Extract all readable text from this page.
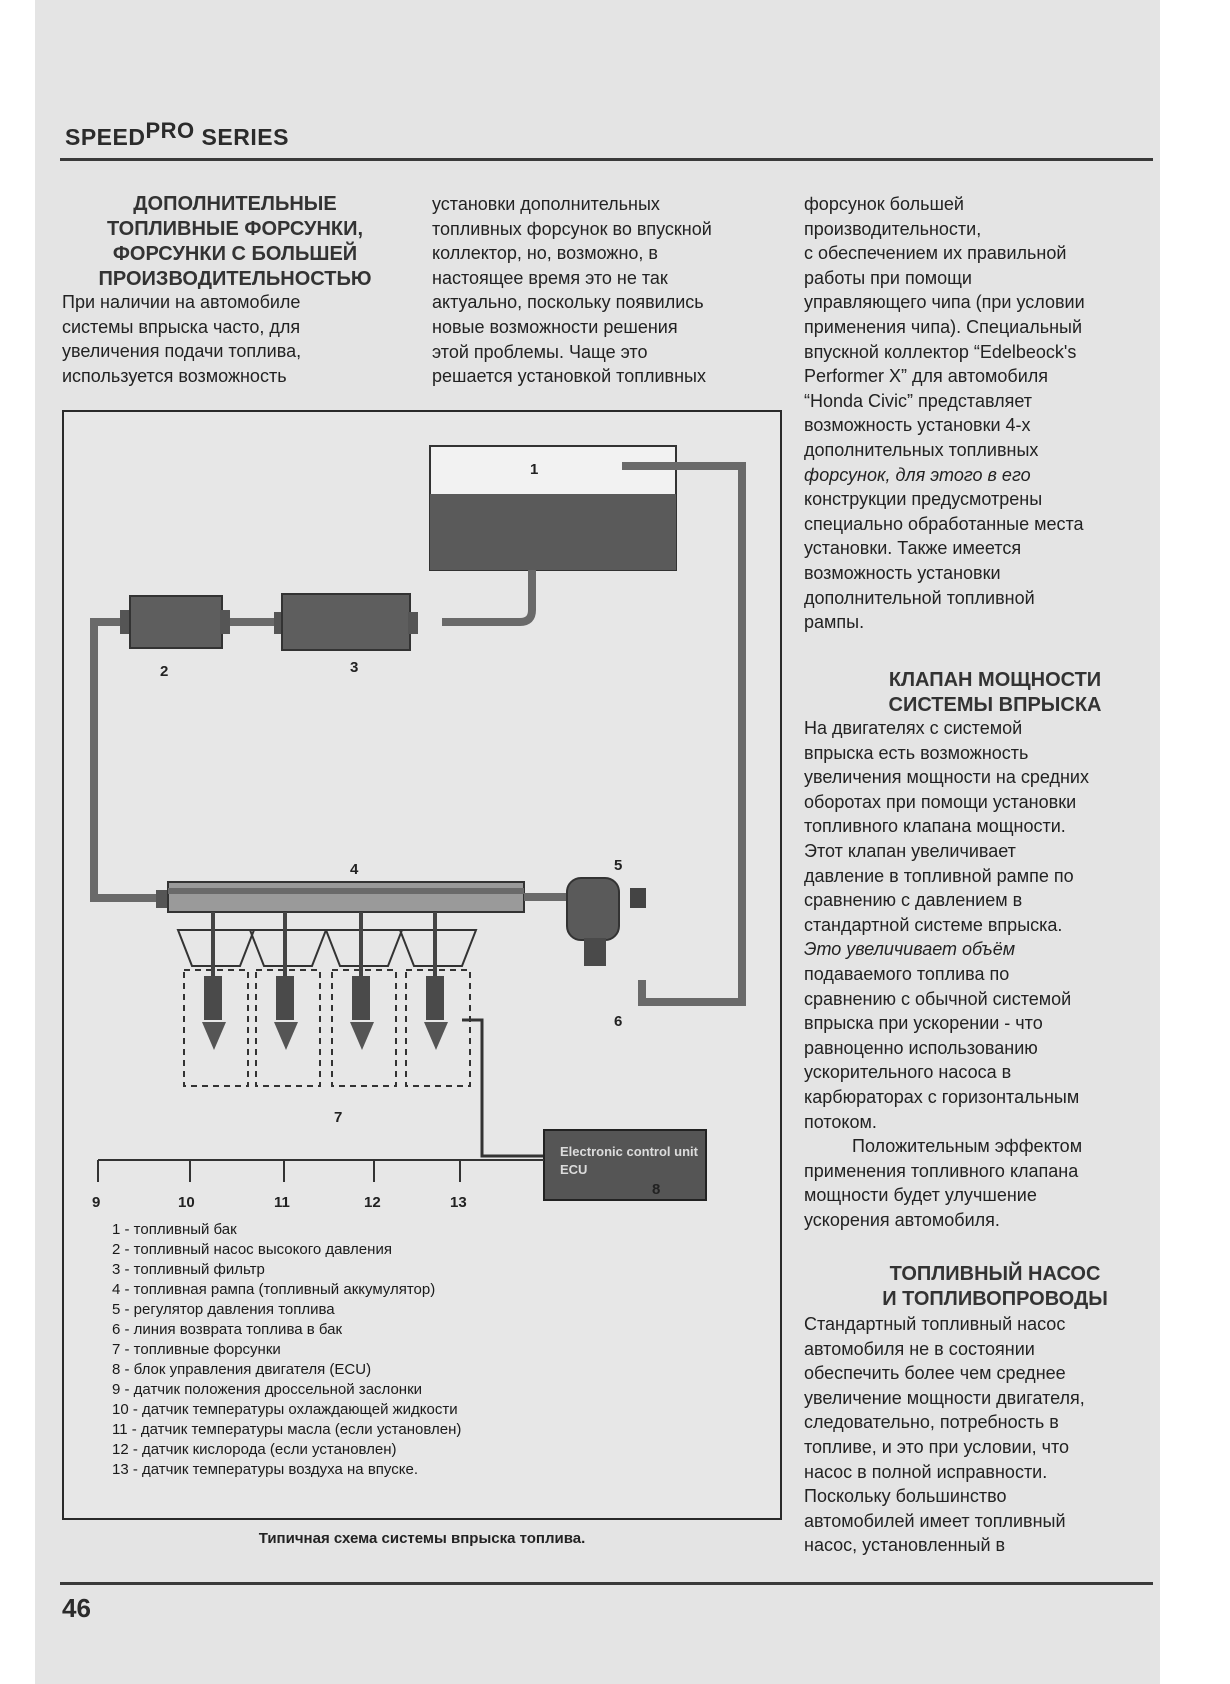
$SPEED^{PRO}$ SERIES
ДОПОЛНИТЕЛЬНЫЕ
ТОПЛИВНЫЕ ФОРСУНКИ,
ФОРСУНКИ С БОЛЬШЕЙ
ПРОИЗВОДИТЕЛЬНОСТЬЮ
При наличии на автомобиле
системы впрыска часто, для
увеличения подачи топлива,
используется возможность
установки дополнительных
топливных форсунок во впускной
коллектор, но, возможно, в
настоящее время это не так
актуально, поскольку появились
новые возможности решения
этой проблемы. Чаще это
решается установкой топливных
форсунок большей
производительности,
с обеспечением их правильной
работы при помощи
управляющего чипа (при условии
применения чипа). Специальный
впускной коллектор “Edelbeock's
Performer X” для автомобиля
“Honda Civic” представляет
возможность установки 4-х
дополнительных топливных
форсунок, для этого в его
конструкции предусмотрены
специально обработанные места
установки. Также имеется
возможность установки
дополнительной топливной
рампы.
КЛАПАН МОЩНОСТИ
СИСТЕМЫ ВПРЫСКА
На двигателях с системой
впрыска есть возможность
увеличения мощности на средних
оборотах при помощи установки
топливного клапана мощности.
Этот клапан увеличивает
давление в топливной рампе по
сравнению с давлением в
стандартной системе впрыска.
Это увеличивает объём
подаваемого топлива по
сравнению с обычной системой
впрыска при ускорении - что
равноценно использованию
ускорительного насоса в
карбюраторах с горизонтальным
потоком.
Положительным эффектом
применения топливного клапана
мощности будет улучшение
ускорения автомобиля.
ТОПЛИВНЫЙ НАСОС
И ТОПЛИВОПРОВОДЫ
Стандартный топливный насос
автомобиля не в состоянии
обеспечить более чем среднее
увеличение мощности двигателя,
следовательно, потребность в
топливе, и это при условии, что
насос в полной исправности.
Поскольку большинство
автомобилей имеет топливный
насос, установленный в
Electronic control unit
ECU
1
2	3
4	5
6
7
8
9	10	11	12	13
1 - топливный бак
2 - топливный насос высокого давления
3 - топливный фильтр
4 - топливная рампа (топливный аккумулятор)
5 - регулятор давления топлива
6 - линия возврата топлива в бак
7 - топливные форсунки
8 - блок управления двигателя (ECU)
9 - датчик положения дроссельной заслонки
10 - датчик температуры охлаждающей жидкости
11 - датчик температуры масла (если установлен)
12 - датчик кислорода (если установлен)
13 - датчик температуры воздуха на впуске.
Типичная схема системы впрыска топлива.
46
